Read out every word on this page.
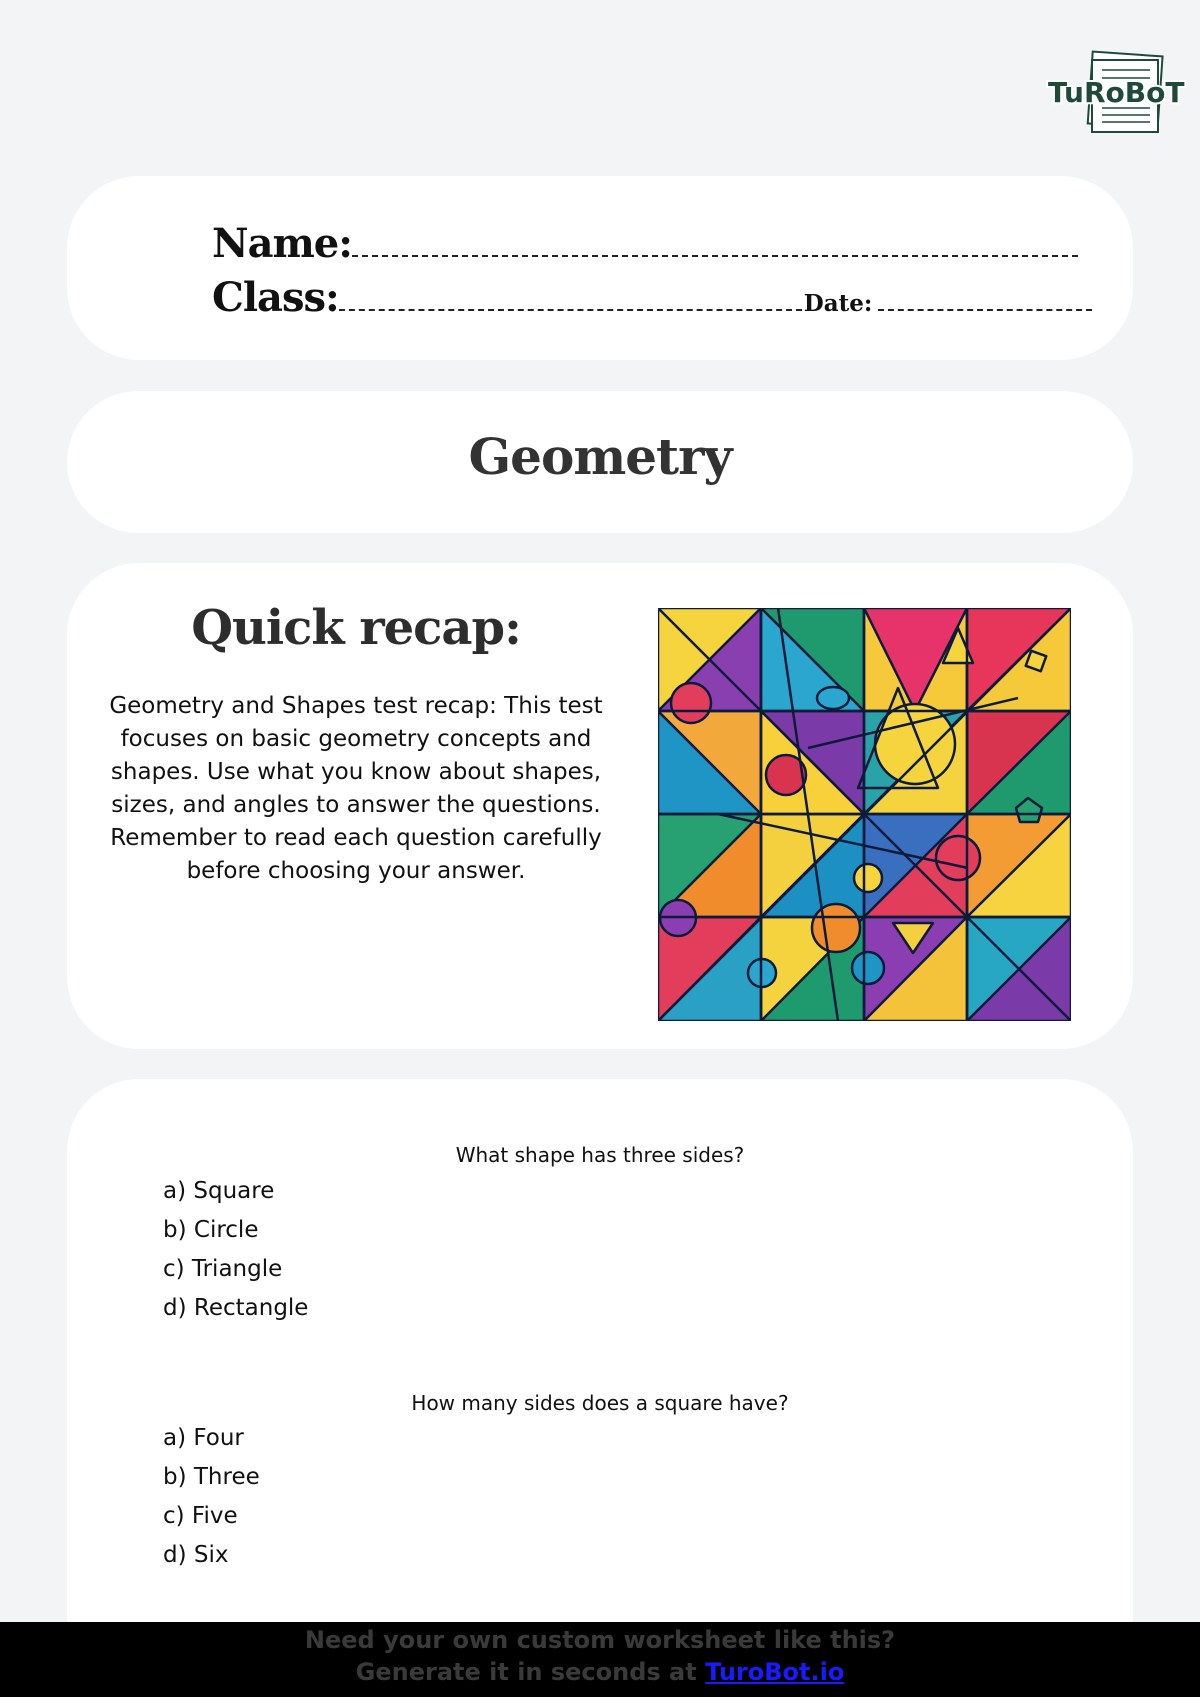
TuRoBoT
Name:
Class:	Date:
Geometry
Quick recap:
Geometry and Shapes test recap: This test focuses on basic geometry concepts and shapes. Use what you know about shapes, sizes, and angles to answer the questions. Remember to read each question carefully before choosing your answer.
What shape has three sides?
a) Square
b) Circle
c) Triangle
d) Rectangle
How many sides does a square have?
a) Four
b) Three
c) Five
d) Six
Need your own custom worksheet like this?
Generate it in seconds at TuroBot.io
